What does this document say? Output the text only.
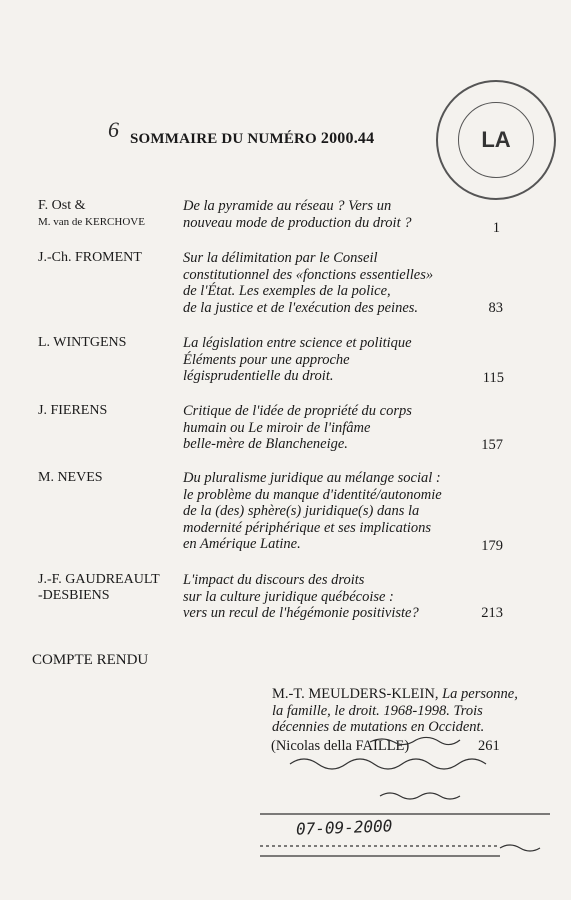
6 SOMMAIRE DU NUMÉRO 2000.44	LA
F. Ost &
M. van de KERCHOVE
De la pyramide au réseau ? Vers un
nouveau mode de production du droit ?	1
J.-Ch. FROMENT	Sur la délimitation par le Conseil
constitutionnel des «fonctions essentielles»
de l'État. Les exemples de la police,
de la justice et de l'exécution des peines.	83
L. WINTGENS	La législation entre science et politique
Éléments pour une approche
légisprudentielle du droit.	115
J. FIERENS	Critique de l'idée de propriété du corps
humain ou Le miroir de l'infâme
belle-mère de Blancheneige.	157
M. NEVES	Du pluralisme juridique au mélange social :
le problème du manque d'identité/autonomie
de la (des) sphère(s) juridique(s) dans la
modernité périphérique et ses implications
en Amérique Latine.	179
J.-F. GAUDREAULT
-DESBIENS
L'impact du discours des droits
sur la culture juridique québécoise :
vers un recul de l'hégémonie positiviste?	213
COMPTE RENDU
M.-T. MEULDERS-KLEIN, La personne,
la famille, le droit. 1968-1998. Trois
décennies de mutations en Occident.
(Nicolas della FAILLE)	261
07-09-2000
